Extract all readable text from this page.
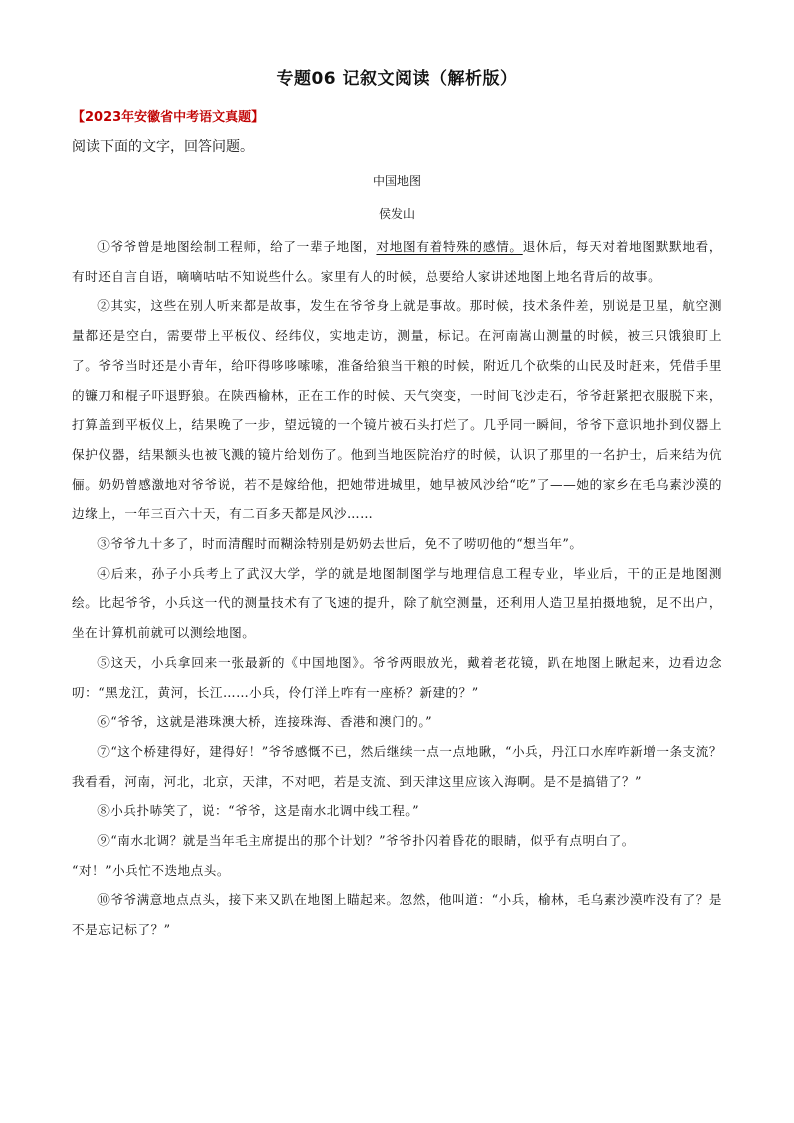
专题06 记叙文阅读（解析版）
【2023年安徽省中考语文真题】
阅读下面的文字，回答问题。
中国地图
侯发山

①爷爷曾是地图绘制工程师，给了一辈子地图，对地图有着特殊的感情。退休后，每天对着地图默默地看，有时还自言自语，嘀嘀咕咕不知说些什么。家里有人的时候，总要给人家讲述地图上地名背后的故事。

②其实，这些在别人听来都是故事，发生在爷爷身上就是事故。那时候，技术条件差，别说是卫星，航空测量都还是空白，需要带上平板仪、经纬仪，实地走访，测量，标记。在河南嵩山测量的时候，被三只饿狼盯上了。爷爷当时还是小青年，给吓得哆哆嗦嗦，准备给狼当干粮的时候，附近几个砍柴的山民及时赶来，凭借手里的镰刀和棍子吓退野狼。在陕西榆林，正在工作的时候、天气突变，一时间飞沙走石，爷爷赶紧把衣服脱下来，打算盖到平板仪上，结果晚了一步，望远镜的一个镜片被石头打烂了。几乎同一瞬间，爷爷下意识地扑到仪器上保护仪器，结果额头也被飞溅的镜片给划伤了。他到当地医院治疗的时候，认识了那里的一名护士，后来结为伉俪。奶奶曾感激地对爷爷说，若不是嫁给他，把她带进城里，她早被风沙给“吃”了——她的家乡在毛乌素沙漠的边缘上，一年三百六十天，有二百多天都是风沙……

③爷爷九十多了，时而清醒时而糊涂特别是奶奶去世后，免不了唠叨他的“想当年”。

④后来，孙子小兵考上了武汉大学，学的就是地图制图学与地理信息工程专业，毕业后，干的正是地图测绘。比起爷爷，小兵这一代的测量技术有了飞速的提升，除了航空测量，还利用人造卫星拍摄地貌，足不出户，坐在计算机前就可以测绘地图。

⑤这天，小兵拿回来一张最新的《中国地图》。爷爷两眼放光，戴着老花镜，趴在地图上瞅起来，边看边念叨：“黑龙江，黄河，长江……小兵，伶仃洋上咋有一座桥？新建的？”

⑥“爷爷，这就是港珠澳大桥，连接珠海、香港和澳门的。”

⑦“这个桥建得好，建得好！”爷爷感慨不已，然后继续一点一点地瞅，“小兵，丹江口水库咋新增一条支流？我看看，河南，河北，北京，天津，不对吧，若是支流、到天津这里应该入海啊。是不是搞错了？”

⑧小兵扑哧笑了，说：“爷爷，这是南水北调中线工程。”

⑨“南水北调？就是当年毛主席提出的那个计划？”爷爷扑闪着昏花的眼睛，似乎有点明白了。

“对！”小兵忙不迭地点头。

⑩爷爷满意地点点头，接下来又趴在地图上瞄起来。忽然，他叫道：“小兵，榆林，毛乌素沙漠咋没有了？是不是忘记标了？”
